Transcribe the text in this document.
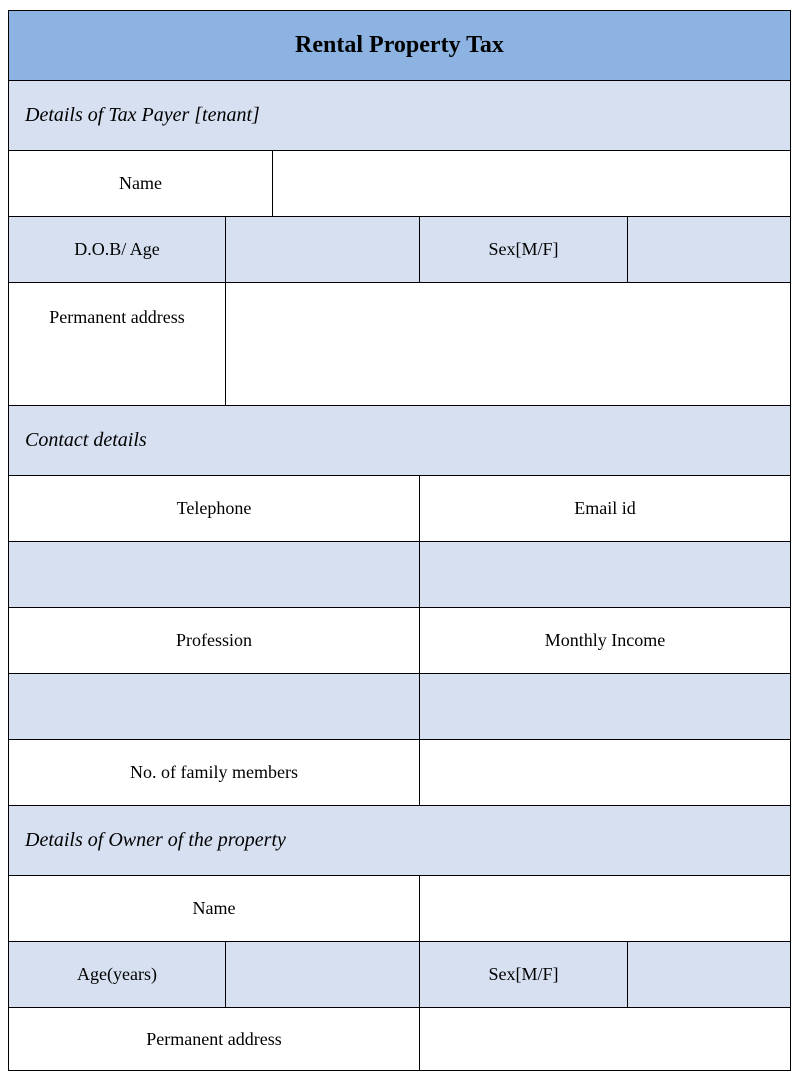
Rental Property Tax
Details of Tax Payer [tenant]
Name
D.O.B/ Age	Sex[M/F]
Permanent address
Contact details
Telephone	Email id
Profession	Monthly Income
No. of family members
Details of Owner of the property
Name
Age(years)	Sex[M/F]
Permanent address
